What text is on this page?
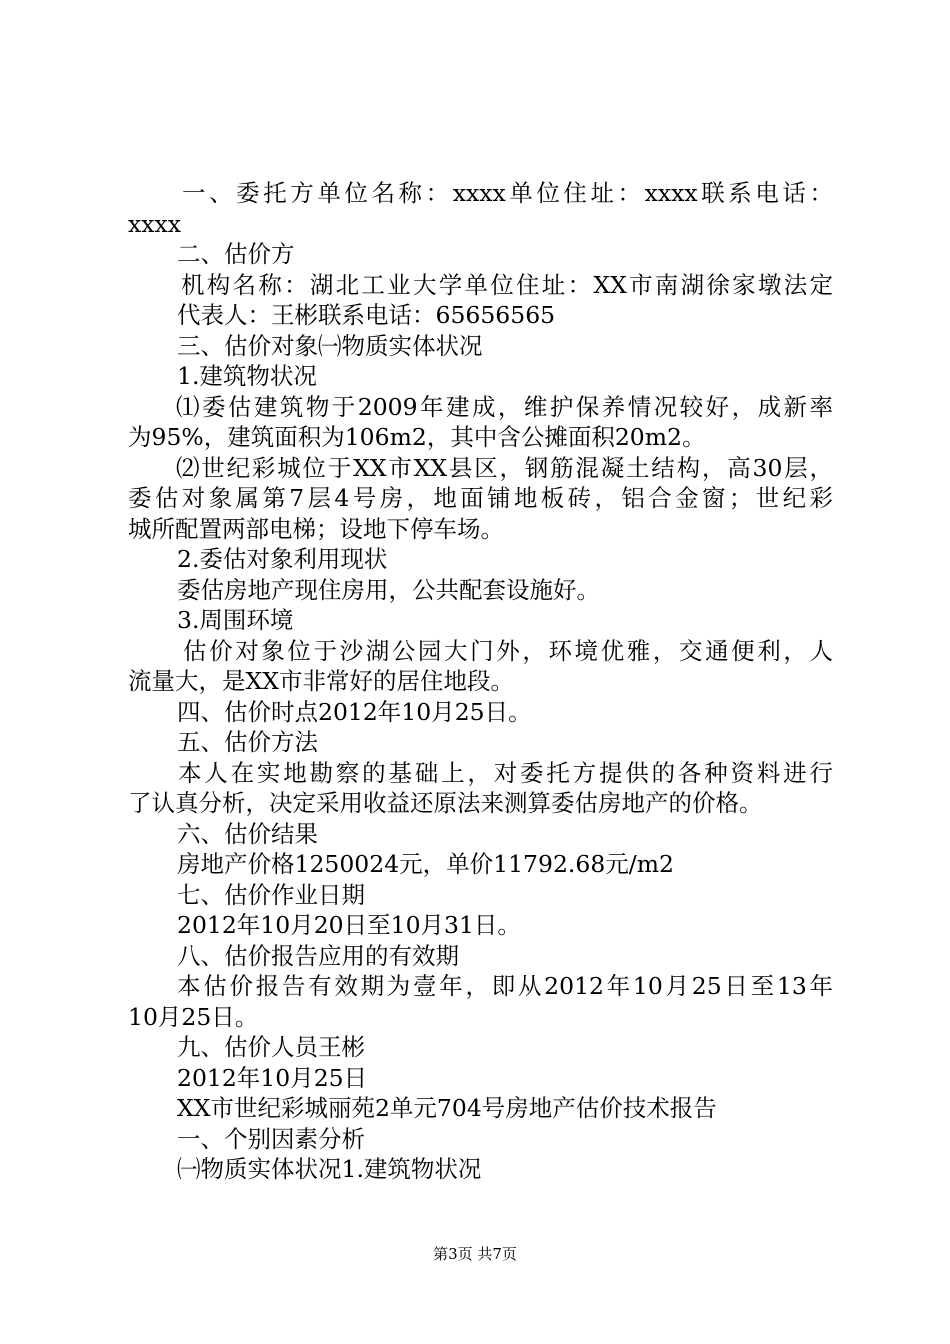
一、委托方单位名称：xxxx单位住址：xxxx联系电话：
xxxx
二、估价方
机构名称：湖北工业大学单位住址：XX市南湖徐家墩法定
代表人：王彬联系电话：65656565
三、估价对象㈠物质实体状况
1.建筑物状况
⑴委估建筑物于2009年建成，维护保养情况较好，成新率
为95%，建筑面积为106m2，其中含公摊面积20m2。
⑵世纪彩城位于XX市XX县区，钢筋混凝土结构，高30层，
委估对象属第7层4号房，地面铺地板砖，铝合金窗；世纪彩
城所配置两部电梯；设地下停车场。
2.委估对象利用现状
委估房地产现住房用，公共配套设施好。
3.周围环境
估价对象位于沙湖公园大门外，环境优雅，交通便利，人
流量大，是XX市非常好的居住地段。
四、估价时点2012年10月25日。
五、估价方法
本人在实地勘察的基础上，对委托方提供的各种资料进行
了认真分析，决定采用收益还原法来测算委估房地产的价格。
六、估价结果
房地产价格1250024元，单价11792.68元/m2
七、估价作业日期
2012年10月20日至10月31日。
八、估价报告应用的有效期
本估价报告有效期为壹年，即从2012年10月25日至13年
10月25日。
九、估价人员王彬
2012年10月25日
XX市世纪彩城丽苑2单元704号房地产估价技术报告
一、个别因素分析
㈠物质实体状况1.建筑物状况
第3页 共7页
